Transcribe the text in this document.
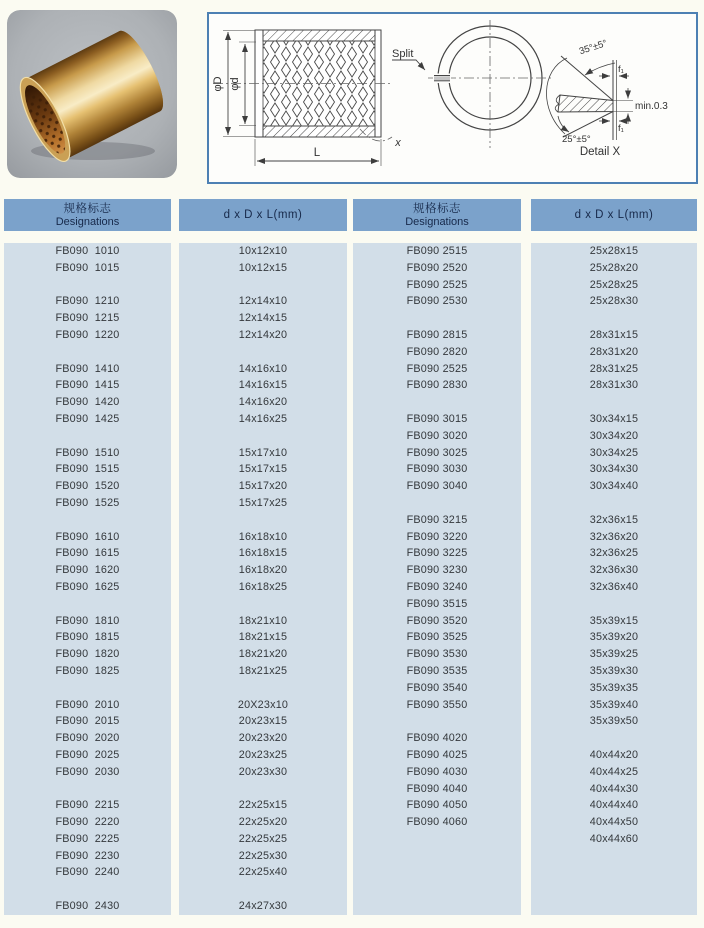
φD φd
L
x
Split	35°±5°
f₁
min.0.3
f₁
25°±5°
Detail X
规格标志
Designations
d x D x L(mm)
规格标志
Designations
d x D x L(mm)
FB090  1010
FB090  1015
FB090  1210
FB090  1215
FB090  1220
FB090  1410
FB090  1415
FB090  1420
FB090  1425
FB090  1510
FB090  1515
FB090  1520
FB090  1525
FB090  1610
FB090  1615
FB090  1620
FB090  1625
FB090  1810
FB090  1815
FB090  1820
FB090  1825
FB090  2010
FB090  2015
FB090  2020
FB090  2025
FB090  2030
FB090  2215
FB090  2220
FB090  2225
FB090  2230
FB090  2240
FB090  2430
10x12x10
10x12x15
12x14x10
12x14x15
12x14x20
14x16x10
14x16x15
14x16x20
14x16x25
15x17x10
15x17x15
15x17x20
15x17x25
16x18x10
16x18x15
16x18x20
16x18x25
18x21x10
18x21x15
18x21x20
18x21x25
20X23x10
20x23x15
20x23x20
20x23x25
20x23x30
22x25x15
22x25x20
22x25x25
22x25x30
22x25x40
24x27x30
FB090 2515
FB090 2520
FB090 2525
FB090 2530
FB090 2815
FB090 2820
FB090 2525
FB090 2830
FB090 3015
FB090 3020
FB090 3025
FB090 3030
FB090 3040
FB090 3215
FB090 3220
FB090 3225
FB090 3230
FB090 3240
FB090 3515
FB090 3520
FB090 3525
FB090 3530
FB090 3535
FB090 3540
FB090 3550
FB090 4020
FB090 4025
FB090 4030
FB090 4040
FB090 4050
FB090 4060
25x28x15
25x28x20
25x28x25
25x28x30
28x31x15
28x31x20
28x31x25
28x31x30
30x34x15
30x34x20
30x34x25
30x34x30
30x34x40
32x36x15
32x36x20
32x36x25
32x36x30
32x36x40
35x39x15
35x39x20
35x39x25
35x39x30
35x39x35
35x39x40
35x39x50
40x44x20
40x44x25
40x44x30
40x44x40
40x44x50
40x44x60
